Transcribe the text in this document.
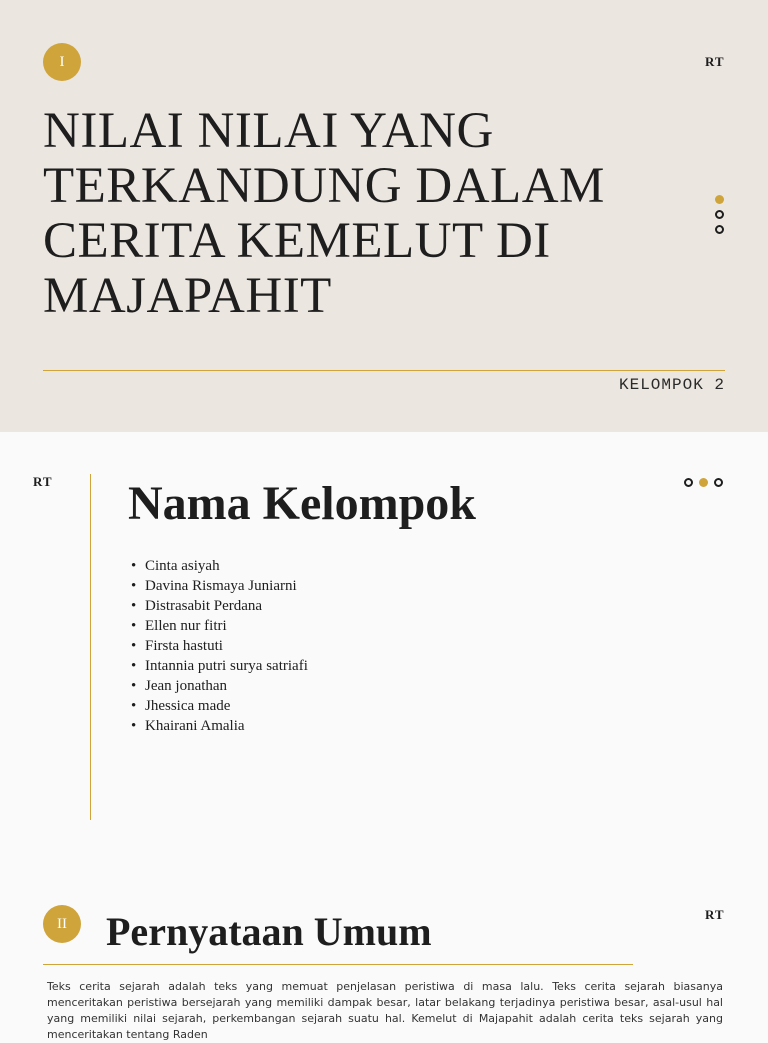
I	RT
NILAI NILAI YANG TERKANDUNG DALAM CERITA KEMELUT DI MAJAPAHIT
KELOMPOK 2
RT Nama Kelompok
• Cinta asiyah
• Davina Rismaya Juniarni
• Distrasabit Perdana
• Ellen nur fitri
• Firsta hastuti
• Intannia putri surya satriafi
• Jean jonathan
• Jhessica made
• Khairani Amalia
II Pernyataan Umum	RT

Teks cerita sejarah adalah teks yang memuat penjelasan peristiwa di masa lalu. Teks cerita sejarah biasanya menceritakan peristiwa bersejarah yang memiliki dampak besar, latar belakang terjadinya peristiwa besar, asal-usul hal yang memiliki nilai sejarah, perkembangan sejarah suatu hal. Kemelut di Majapahit adalah cerita teks sejarah yang menceritakan tentang Raden
